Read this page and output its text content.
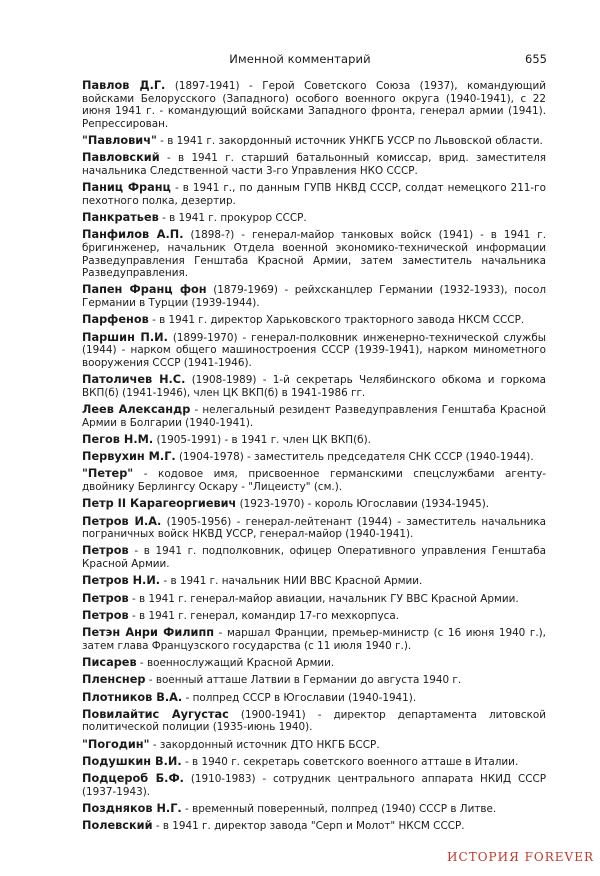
Именной комментарий	655

Павлов Д.Г. (1897-1941) - Герой Советского Союза (1937), командующий войсками Белорусского (Западного) особого военного округа (1940-1941), с 22 июня 1941 г. - командующий войсками Западного фронта, генерал армии (1941). Репрессирован.

"Павлович" - в 1941 г. закордонный источник УНКГБ УССР по Львовской области.

Павловский - в 1941 г. старший батальонный комиссар, врид. заместителя начальника Следственной части 3-го Управления НКО СССР.

Паниц Франц - в 1941 г., по данным ГУПВ НКВД СССР, солдат немецкого 211-го пехотного полка, дезертир.

Панкратьев - в 1941 г. прокурор СССР.

Панфилов А.П. (1898-?) - генерал-майор танковых войск (1941) - в 1941 г. бригинженер, начальник Отдела военной экономико-технической информации Разведуправления Генштаба Красной Армии, затем заместитель начальника Разведуправления.

Папен Франц фон (1879-1969) - рейхсканцлер Германии (1932-1933), посол Германии в Турции (1939-1944).

Парфенов - в 1941 г. директор Харьковского тракторного завода НКСМ СССР.

Паршин П.И. (1899-1970) - генерал-полковник инженерно-технической службы (1944) - нарком общего машиностроения СССР (1939-1941), нарком минометного вооружения СССР (1941-1946).

Патоличев Н.С. (1908-1989) - 1-й секретарь Челябинского обкома и горкома ВКП(б) (1941-1946), член ЦК ВКП(б) в 1941-1986 гг.

Леев Александр - нелегальный резидент Разведуправления Генштаба Красной Армии в Болгарии (1940-1941).

Пегов Н.М. (1905-1991) - в 1941 г. член ЦК ВКП(б).

Первухин М.Г. (1904-1978) - заместитель председателя СНК СССР (1940-1944).

"Петер" - кодовое имя, присвоенное германскими спецслужбами агенту-двойнику Берлингсу Оскару - "Лицеисту" (см.).

Петр II Карагеоргиевич (1923-1970) - король Югославии (1934-1945).

Петров И.А. (1905-1956) - генерал-лейтенант (1944) - заместитель начальника пограничных войск НКВД УССР, генерал-майор (1940-1941).

Петров - в 1941 г. подполковник, офицер Оперативного управления Генштаба Красной Армии.

Петров Н.И. - в 1941 г. начальник НИИ ВВС Красной Армии.

Петров - в 1941 г. генерал-майор авиации, начальник ГУ ВВС Красной Армии.

Петров - в 1941 г. генерал, командир 17-го мехкорпуса.

Петэн Анри Филипп - маршал Франции, премьер-министр (с 16 июня 1940 г.), затем глава Французского государства (с 11 июля 1940 г.).

Писарев - военнослужащий Красной Армии.

Пленснер - военный атташе Латвии в Германии до августа 1940 г.

Плотников В.А. - полпред СССР в Югославии (1940-1941).

Повилайтис Аугустас (1900-1941) - директор департамента литовской политической полиции (1935-июнь 1940).

"Погодин" - закордонный источник ДТО НКГБ БССР.

Подушкин В.И. - в 1940 г. секретарь советского военного атташе в Италии.

Подцероб Б.Ф. (1910-1983) - сотрудник центрального аппарата НКИД СССР (1937-1943).

Поздняков Н.Г. - временный поверенный, полпред (1940) СССР в Литве.

Полевский - в 1941 г. директор завода "Серп и Молот" НКСМ СССР.

ИСТОРИЯ FOREVER
